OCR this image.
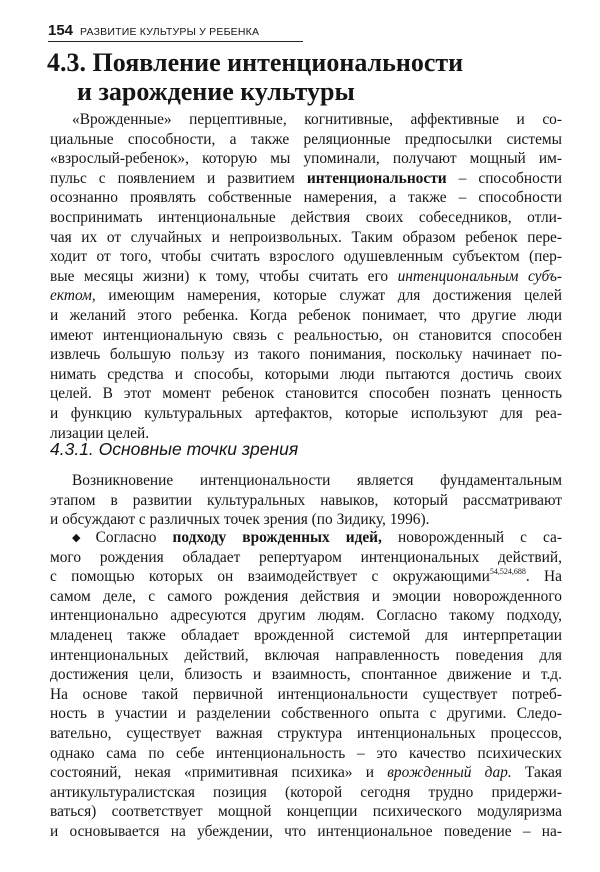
154 РАЗВИТИЕ КУЛЬТУРЫ У РЕБЕНКА
4.3. Появление интенциональности
и зарождение культуры
«Врожденные» перцептивные, когнитивные, аффективные и со-
циальные способности, а также реляционные предпосылки системы
«взрослый-ребенок», которую мы упоминали, получают мощный им-
пульс с появлением и развитием интенциональности – способности
осознанно проявлять собственные намерения, а также – способности
воспринимать интенциональные действия своих собеседников, отли-
чая их от случайных и непроизвольных. Таким образом ребенок пере-
ходит от того, чтобы считать взрослого одушевленным субъектом (пер-
вые месяцы жизни) к тому, чтобы считать его интенциональным субъ-
ектом, имеющим намерения, которые служат для достижения целей
и желаний этого ребенка. Когда ребенок понимает, что другие люди
имеют интенциональную связь с реальностью, он становится способен
извлечь большую пользу из такого понимания, поскольку начинает по-
нимать средства и способы, которыми люди пытаются достичь своих
целей. В этот момент ребенок становится способен познать ценность
и функцию культуральных артефактов, которые используют для реа-
лизации целей.
4.3.1. Основные точки зрения
Возникновение интенциональности является фундаментальным
этапом в развитии культуральных навыков, который рассматривают
и обсуждают с различных точек зрения (по Зидику, 1996).
◆ Согласно подходу врожденных идей, новорожденный с са-
мого рождения обладает репертуаром интенциональных действий,
с помощью которых он взаимодействует с окружающими$^{54,524,688}$. На
самом деле, с самого рождения действия и эмоции новорожденного
интенционально адресуются другим людям. Согласно такому подходу,
младенец также обладает врожденной системой для интерпретации
интенциональных действий, включая направленность поведения для
достижения цели, близость и взаимность, спонтанное движение и т.д.
На основе такой первичной интенциональности существует потреб-
ность в участии и разделении собственного опыта с другими. Следо-
вательно, существует важная структура интенциональных процессов,
однако сама по себе интенциональность – это качество психических
состояний, некая «примитивная психика» и врожденный дар. Такая
антикультуралистская позиция (которой сегодня трудно придержи-
ваться) соответствует мощной концепции психического модуляризма
и основывается на убеждении, что интенциональное поведение – на-
